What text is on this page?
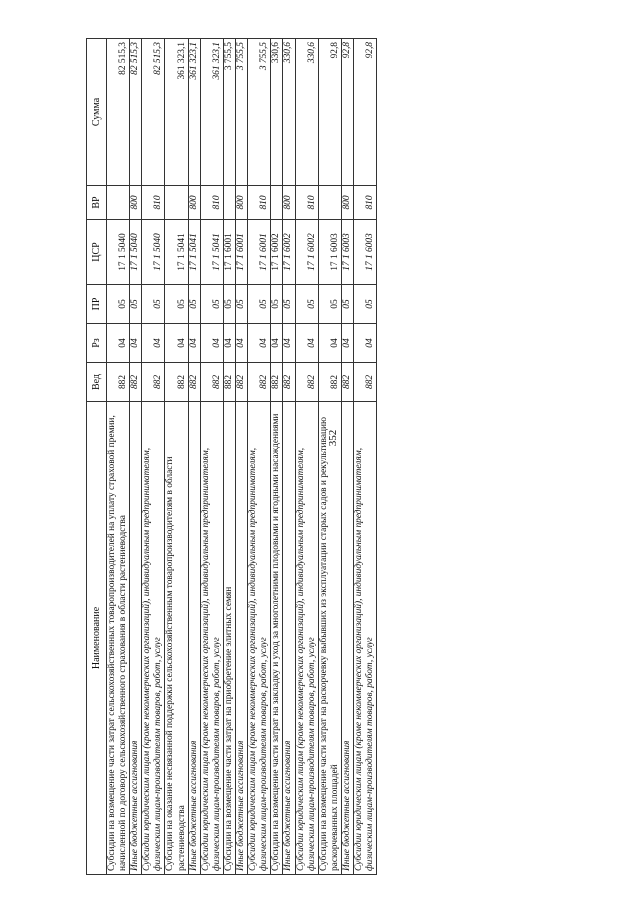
352
Наименование	Вед	Рз	ПР	ЦСР	ВР	Сумма
Субсидии на возмещение части затрат сельскохозяйственных товаропроизводителей на уплату страховой премии, начисленной по договору сельскохозяйственного страхования в области растениеводства	882	04	05	17 1 5040		82 515,3
Иные бюджетные ассигнования	882	04	05	17 1 5040	800	82 515,3
Субсидии юридическим лицам (кроме некоммерческих организаций), индивидуальным предпринимателям, физическим лицам-производителям товаров, работ, услуг	882	04	05	17 1 5040	810	82 515,3
Субсидии на оказание несвязанной поддержки сельскохозяйственным товаропроизводителям в области растениеводства	882	04	05	17 1 5041		361 323,1
Иные бюджетные ассигнования	882	04	05	17 1 5041	800	361 323,1
Субсидии юридическим лицам (кроме некоммерческих организаций), индивидуальным предпринимателям, физическим лицам-производителям товаров, работ, услуг	882	04	05	17 1 5041	810	361 323,1
Субсидии на возмещение части затрат на приобретение элитных семян	882	04	05	17 1 6001		3 755,5
Иные бюджетные ассигнования	882	04	05	17 1 6001	800	3 755,5
Субсидии юридическим лицам (кроме некоммерческих организаций), индивидуальным предпринимателям, физическим лицам-производителям товаров, работ, услуг	882	04	05	17 1 6001	810	3 755,5
Субсидии на возмещение части затрат на закладку и уход за многолетними плодовыми и ягодными насаждениями	882	04	05	17 1 6002		330,6
Иные бюджетные ассигнования	882	04	05	17 1 6002	800	330,6
Субсидии юридическим лицам (кроме некоммерческих организаций), индивидуальным предпринимателям, физическим лицам-производителям товаров, работ, услуг	882	04	05	17 1 6002	810	330,6
Субсидии на возмещение части затрат на раскорчевку выбывших из эксплуатации старых садов и рекультивацию раскорчеванных площадей	882	04	05	17 1 6003		92,8
Иные бюджетные ассигнования	882	04	05	17 1 6003	800	92,8
Субсидии юридическим лицам (кроме некоммерческих организаций), индивидуальным предпринимателям, физическим лицам-производителям товаров, работ, услуг	882	04	05	17 1 6003	810	92,8
